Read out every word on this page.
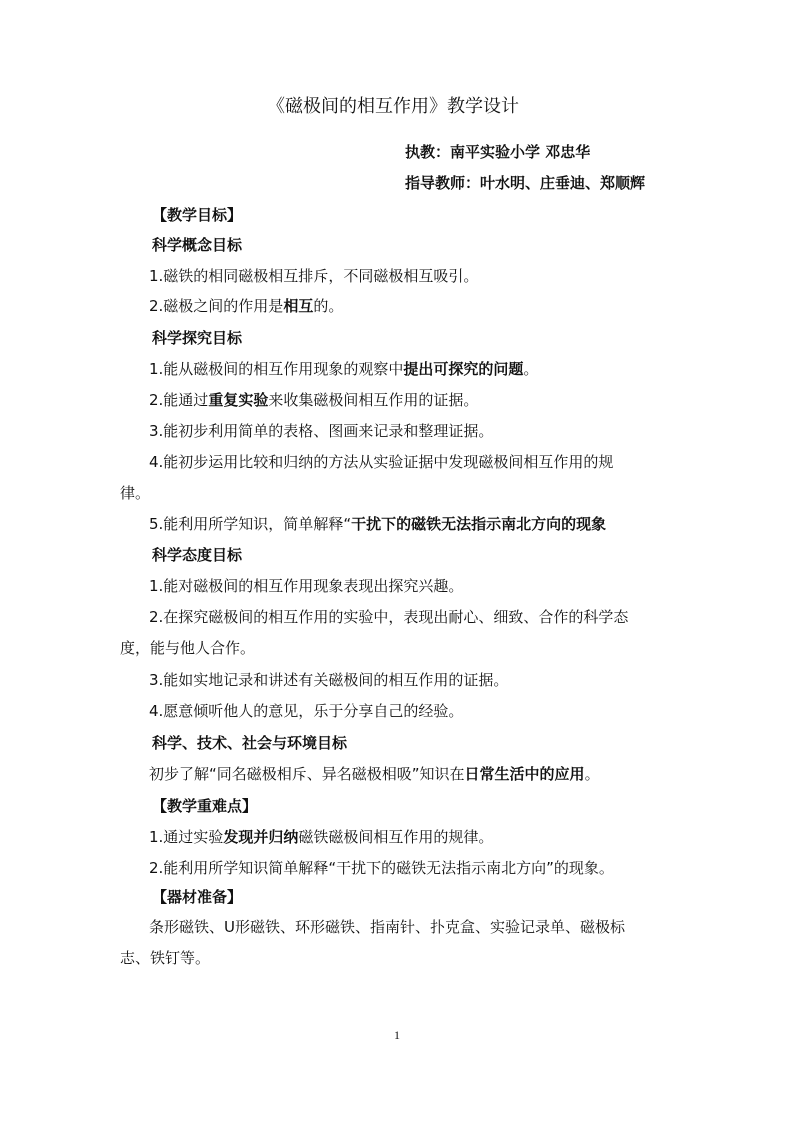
《磁极间的相互作用》教学设计
执教：南平实验小学 邓忠华
指导教师：叶水明、庄垂迪、郑顺辉
【教学目标】
科学概念目标
1.磁铁的相同磁极相互排斥，不同磁极相互吸引。
2.磁极之间的作用是相互的。
科学探究目标
1.能从磁极间的相互作用现象的观察中提出可探究的问题。
2.能通过重复实验来收集磁极间相互作用的证据。
3.能初步利用简单的表格、图画来记录和整理证据。
4.能初步运用比较和归纳的方法从实验证据中发现磁极间相互作用的规
律。
5.能利用所学知识，简单解释“干扰下的磁铁无法指示南北方向的现象
科学态度目标
1.能对磁极间的相互作用现象表现出探究兴趣。
2.在探究磁极间的相互作用的实验中，表现出耐心、细致、合作的科学态
度，能与他人合作。
3.能如实地记录和讲述有关磁极间的相互作用的证据。
4.愿意倾听他人的意见，乐于分享自己的经验。
科学、技术、社会与环境目标
初步了解“同名磁极相斥、异名磁极相吸”知识在日常生活中的应用。
【教学重难点】
1.通过实验发现并归纳磁铁磁极间相互作用的规律。
2.能利用所学知识简单解释“干扰下的磁铁无法指示南北方向”的现象。
【器材准备】
条形磁铁、U形磁铁、环形磁铁、指南针、扑克盒、实验记录单、磁极标
志、铁钉等。
1
